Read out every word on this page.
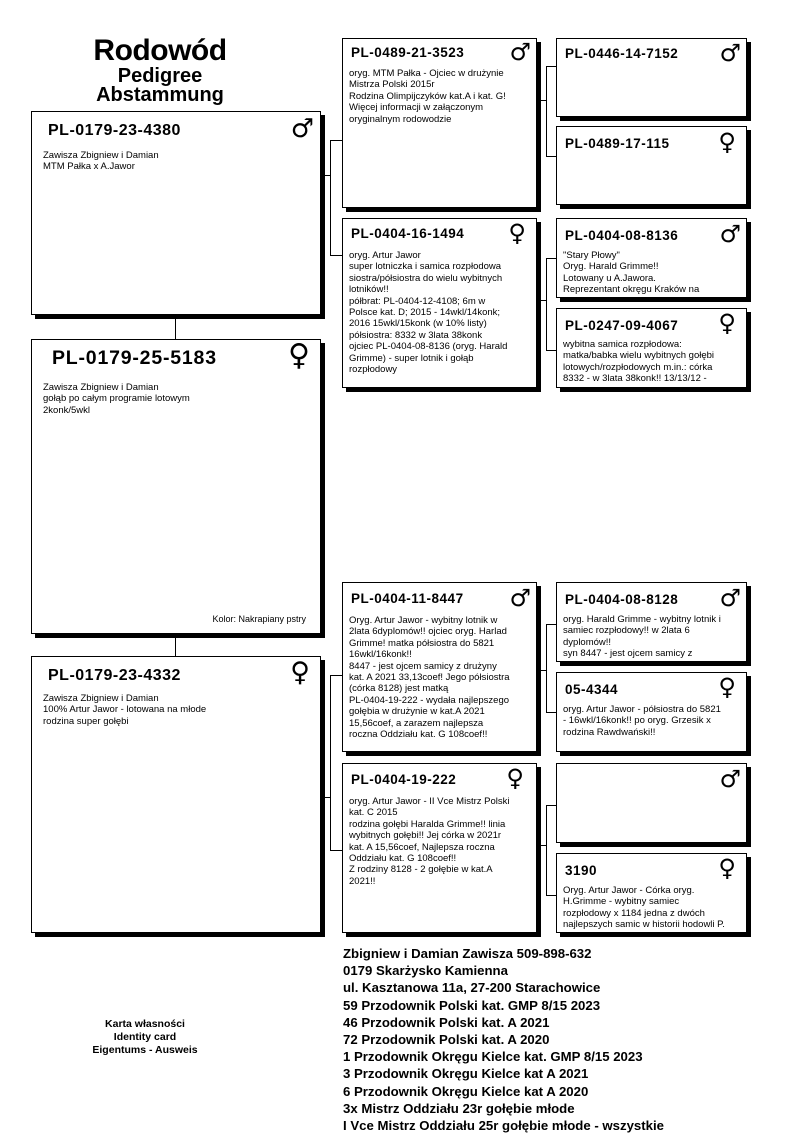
Rodowód
Pedigree
Abstammung
PL-0179-23-4380	♂
Zawisza Zbigniew i Damian
MTM Pałka x A.Jawor
PL-0179-25-5183 ♀
Zawisza Zbigniew i Damian
gołąb po całym programie lotowym
2konk/5wkl
Kolor: Nakrapiany pstry
PL-0179-23-4332	♀
Zawisza Zbigniew i Damian
100% Artur Jawor - lotowana na młode
rodzina super gołębi
PL-0489-21-3523 ♂
oryg. MTM Pałka - Ojciec w drużynie
Mistrza Polski 2015r
Rodzina Olimpijczyków kat.A i kat. G!
Więcej informacji w załączonym
oryginalnym rodowodzie
PL-0404-16-1494 ♀
oryg. Artur Jawor
super lotniczka i samica rozpłodowa
siostra/półsiostra do wielu wybitnych
lotników!!
półbrat: PL-0404-12-4108; 6m w
Polsce kat. D; 2015 - 14wkl/14konk;
2016 15wkl/15konk (w 10% listy)
półsiostra: 8332 w 3lata 38konk
ojciec PL-0404-08-8136 (oryg. Harald
Grimme) - super lotnik i gołąb
rozpłodowy
PL-0404-11-8447 ♂
Oryg. Artur Jawor - wybitny lotnik w
2lata 6dyplomów!! ojciec oryg. Harlad
Grimme! matka półsiostra do 5821
16wkl/16konk!!
8447 - jest ojcem samicy z drużyny
kat. A 2021 33,13coef! Jego półsiostra
(córka 8128) jest matką
PL-0404-19-222 - wydała najlepszego
gołębia w drużynie w kat.A 2021
15,56coef, a zarazem najlepsza
roczna Oddziału kat. G 108coef!!
PL-0404-19-222 ♀
oryg. Artur Jawor - II Vce Mistrz Polski
kat. C 2015
rodzina gołębi Haralda Grimme!! linia
wybitnych gołębi!! Jej córka w 2021r
kat. A 15,56coef, Najlepsza roczna
Oddziału kat. G 108coef!!
Z rodziny 8128 - 2 gołębie w kat.A
2021!!
PL-0446-14-7152 ♂
PL-0489-17-115 ♀
PL-0404-08-8136 ♂
"Stary Płowy"
Oryg. Harald Grimme!!
Lotowany u A.Jawora.
Reprezentant okręgu Kraków na
PL-0247-09-4067 ♀
wybitna samica rozpłodowa:
matka/babka wielu wybitnych gołębi
lotowych/rozpłodowych m.in.: córka
8332 - w 3lata 38konk!! 13/13/12 -
PL-0404-08-8128 ♂
oryg. Harald Grimme - wybitny lotnik i
samiec rozpłodowy!! w 2lata 6
dyplomów!!
syn 8447 - jest ojcem samicy z
05-4344	♀
oryg. Artur Jawor - półsiostra do 5821
- 16wkl/16konk!! po oryg. Grzesik x
rodzina Rawdwański!!
♂
3190	♀
Oryg. Artur Jawor - Córka oryg.
H.Grimme - wybitny samiec
rozpłodowy x 1184 jedna z dwóch
najlepszych samic w historii hodowli P.
Zbigniew i Damian Zawisza 509-898-632
0179 Skarżysko Kamienna
ul. Kasztanowa 11a, 27-200 Starachowice
59 Przodownik Polski kat. GMP 8/15 2023
46 Przodownik Polski kat. A 2021
72 Przodownik Polski kat. A 2020
1 Przodownik Okręgu Kielce kat. GMP 8/15 2023
3 Przodownik Okręgu Kielce kat A 2021
6 Przodownik Okręgu Kielce kat A 2020
3x Mistrz Oddziału 23r gołębie młode
I Vce Mistrz Oddziału 25r gołębie młode - wszystkie
Karta własności
Identity card
Eigentums - Ausweis
